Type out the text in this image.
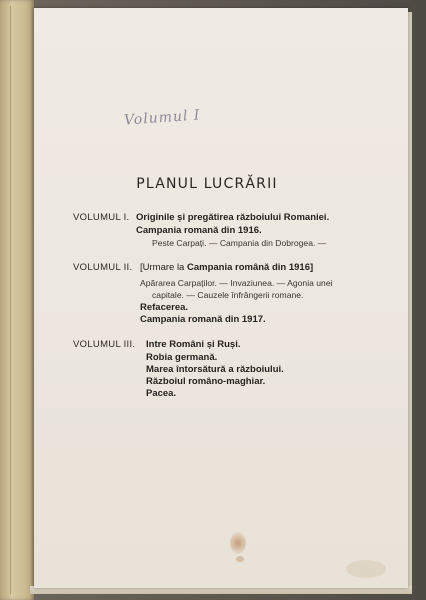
Volumul I
PLANUL LUCRĂRII
VOLUMUL I. Originile și pregătirea războiului Romaniei.
Campania romană din 1916.
Peste Carpați. — Campania din Dobrogea. —
VOLUMUL II. [Urmare la Campania română din 1916]
Apărarea Carpaților. — Invaziunea. — Agonia unei
capitale. — Cauzele înfrângerii romane.
Refacerea.
Campania romană din 1917.
VOLUMUL III. Intre Români și Ruși.
Robia germană.
Marea întorsătură a războiului.
Războiul româno-maghiar.
Pacea.
